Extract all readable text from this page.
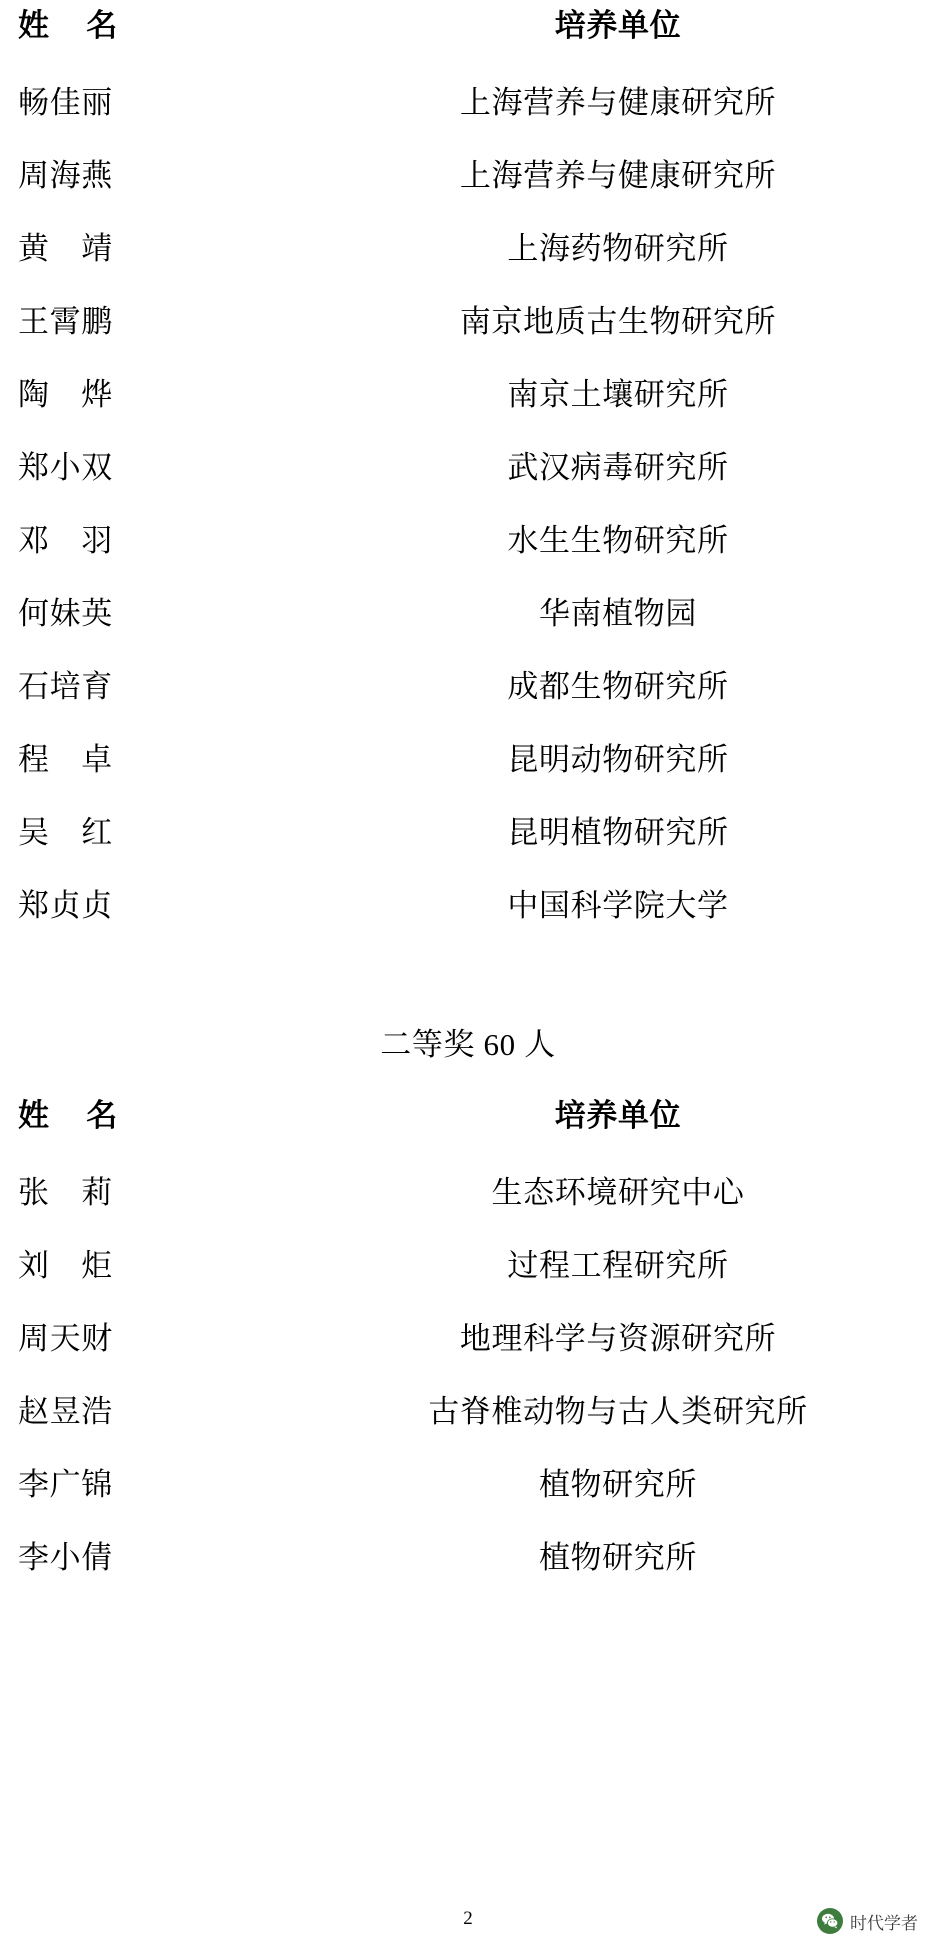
姓　名	培养单位
畅佳丽	上海营养与健康研究所
周海燕	上海营养与健康研究所
黄　靖	上海药物研究所
王霄鹏	南京地质古生物研究所
陶　烨	南京土壤研究所
郑小双	武汉病毒研究所
邓　羽	水生生物研究所
何妹英	华南植物园
石培育	成都生物研究所
程　卓	昆明动物研究所
吴　红	昆明植物研究所
郑贞贞	中国科学院大学
二等奖 60 人
姓　名	培养单位
张　莉	生态环境研究中心
刘　炬	过程工程研究所
周天财	地理科学与资源研究所
赵昱浩	古脊椎动物与古人类研究所
李广锦	植物研究所
李小倩	植物研究所
2	时代学者
